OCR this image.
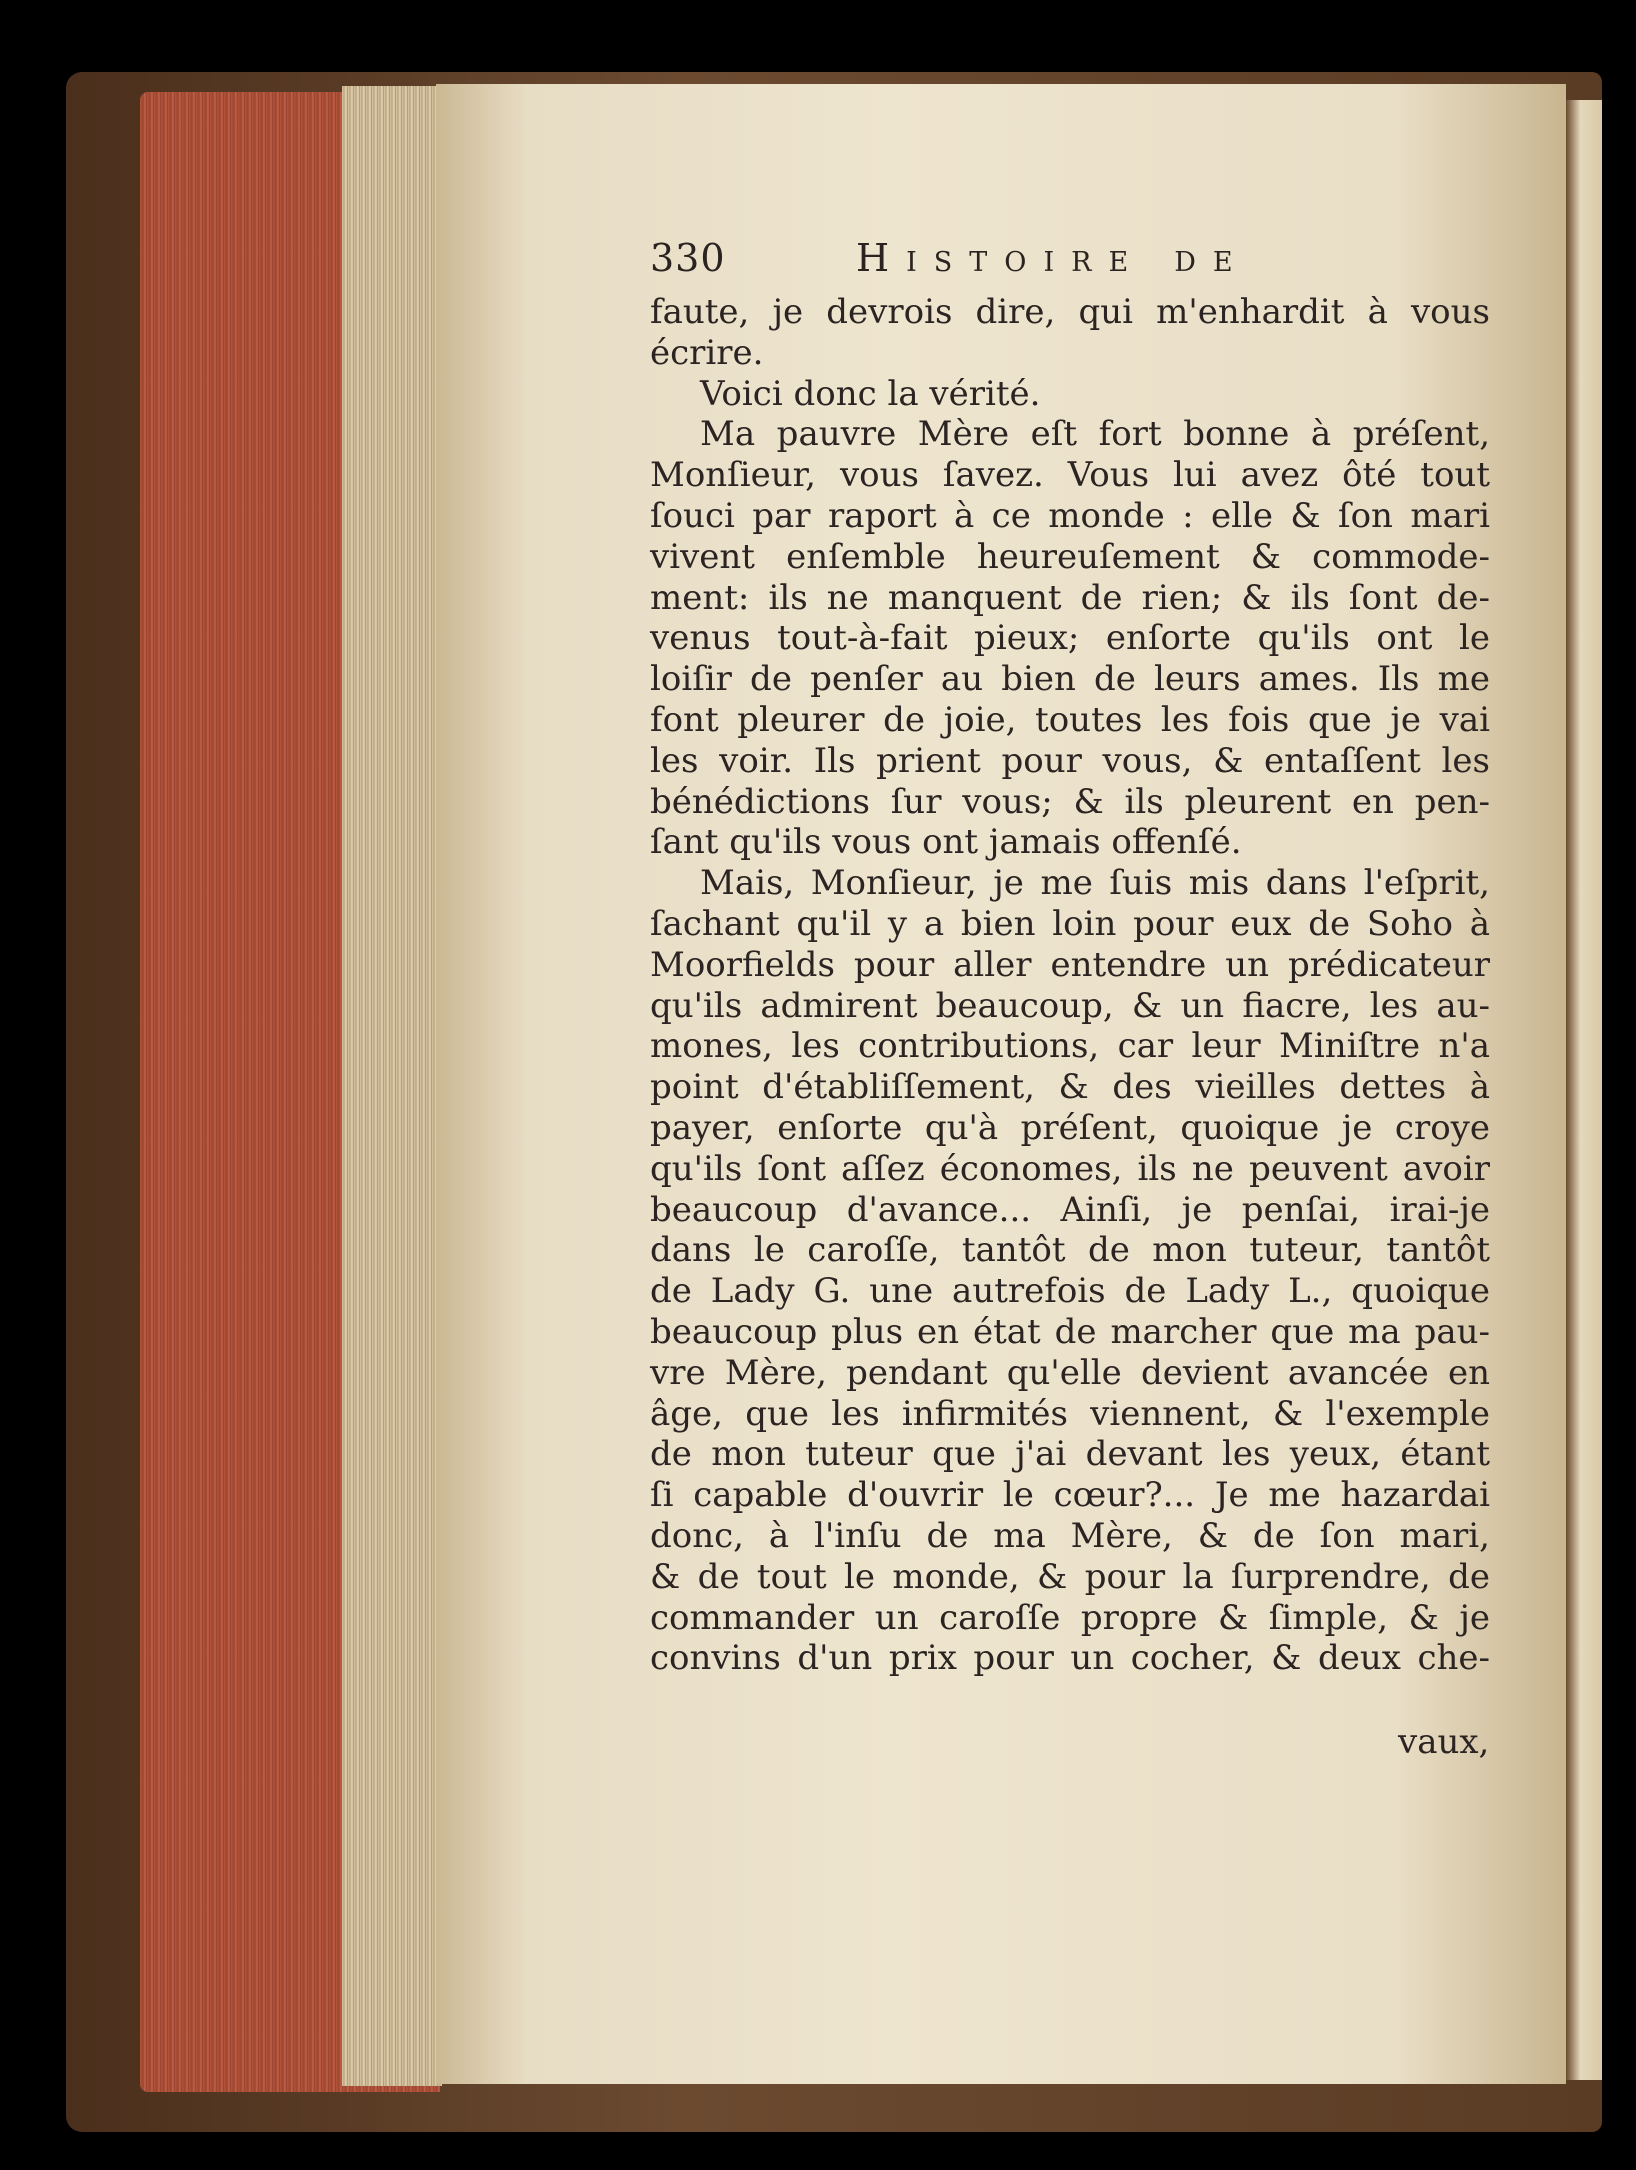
330	Histoire de
faute, je devrois dire, qui m'enhardit à vous
écrire.
Voici donc la vérité.
Ma pauvre Mère eſt fort bonne à préſent,
Monſieur, vous ſavez. Vous lui avez ôté tout
ſouci par raport à ce monde : elle & ſon mari
vivent enſemble heureuſement & commode-
ment: ils ne manquent de rien; & ils ſont de-
venus tout-à-fait pieux; enſorte qu'ils ont le
loiſir de penſer au bien de leurs ames. Ils me
font pleurer de joie, toutes les fois que je vai
les voir. Ils prient pour vous, & entaſſent les
bénédictions ſur vous; & ils pleurent en pen-
ſant qu'ils vous ont jamais offenſé.
Mais, Monſieur, je me ſuis mis dans l'eſprit,
ſachant qu'il y a bien loin pour eux de Soho à
Moorfields pour aller entendre un prédicateur
qu'ils admirent beaucoup, & un fiacre, les au-
mones, les contributions, car leur Miniſtre n'a
point d'établiſſement, & des vieilles dettes à
payer, enſorte qu'à préſent, quoique je croye
qu'ils ſont aſſez économes, ils ne peuvent avoir
beaucoup d'avance... Ainſi, je penſai, irai-je
dans le caroſſe, tantôt de mon tuteur, tantôt
de Lady G. une autrefois de Lady L., quoique
beaucoup plus en état de marcher que ma pau-
vre Mère, pendant qu'elle devient avancée en
âge, que les infirmités viennent, & l'exemple
de mon tuteur que j'ai devant les yeux, étant
ſi capable d'ouvrir le cœur?... Je me hazardai
donc, à l'inſu de ma Mère, & de ſon mari,
& de tout le monde, & pour la ſurprendre, de
commander un caroſſe propre & ſimple, & je
convins d'un prix pour un cocher, & deux che-
vaux,
